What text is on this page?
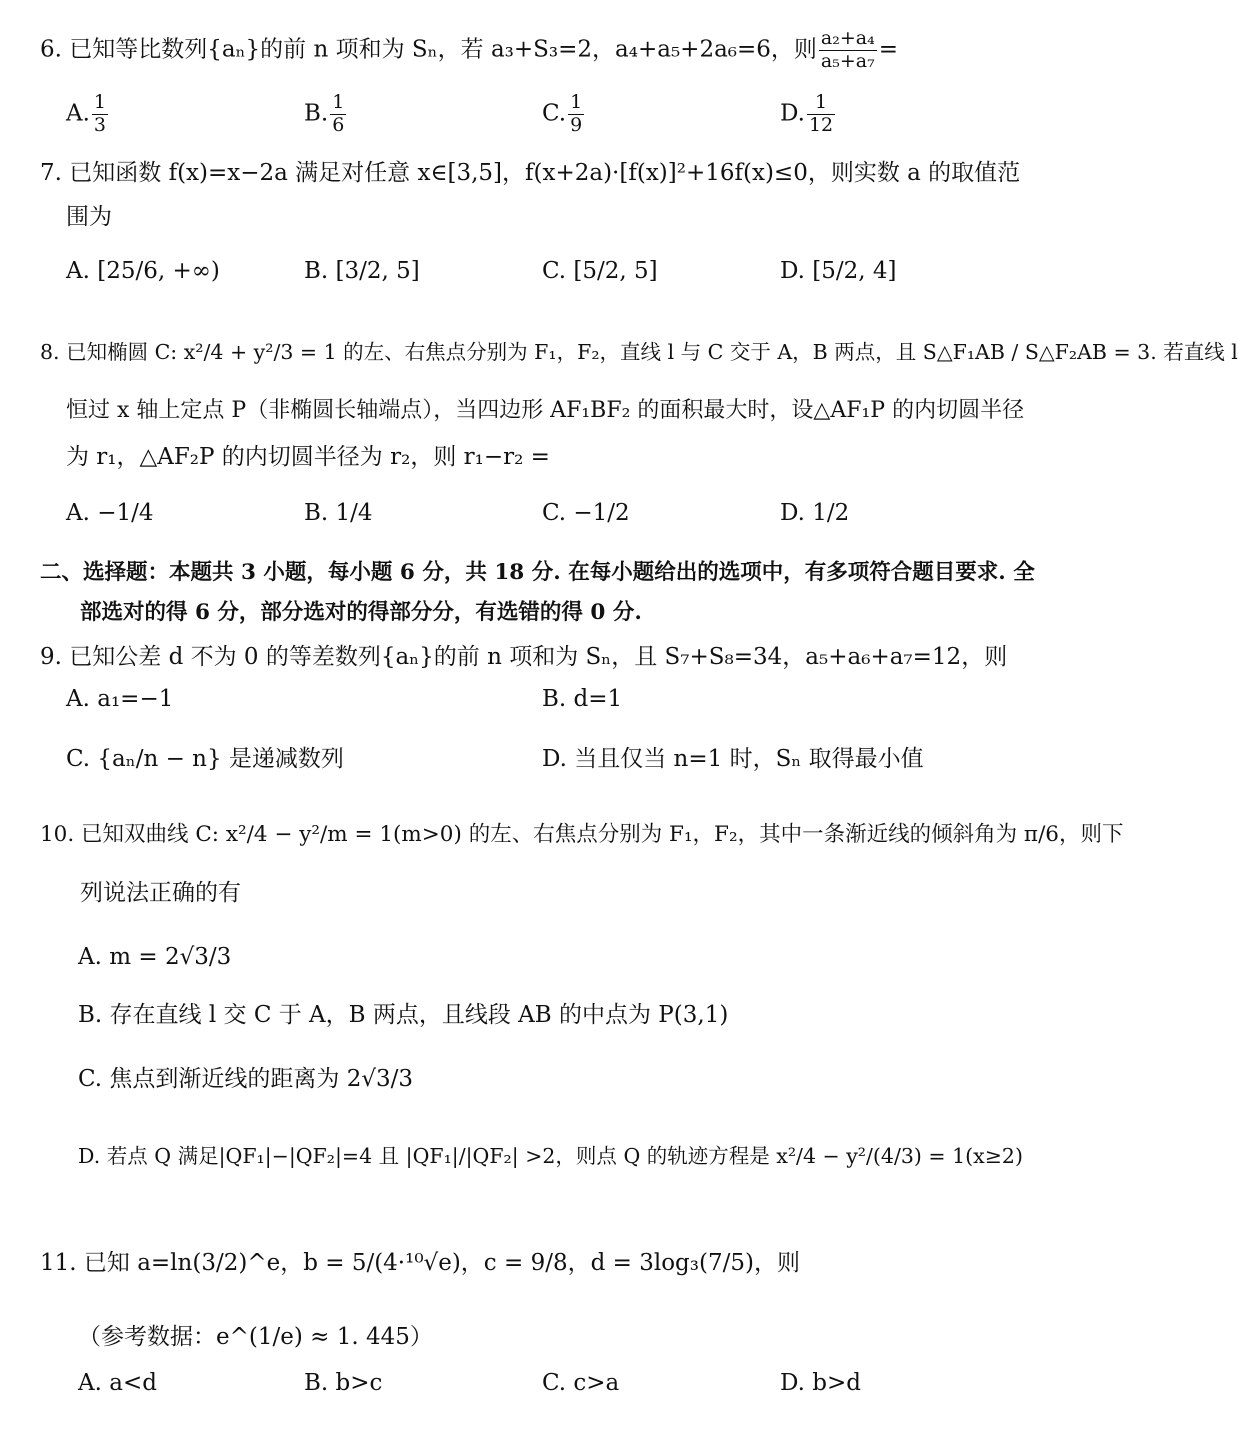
6. 已知等比数列{aₙ}的前 n 项和为 Sₙ，若 a₃+S₃=2，a₄+a₅+2a₆=6，则 $\frac{\text{a₂+a₄}}{\text{a₅+a₇}}$ =
A. $\frac{1}{3}$	B. $\frac{1}{6}$	C. $\frac{1}{9}$	D. $\frac{1}{12}$
7. 已知函数 f(x)=x−2a 满足对任意 x∈[3,5]，f(x+2a)·[f(x)]²+16f(x)≤0，则实数 a 的取值范
围为
A. [25/6, +∞)	B. [3/2, 5]	C. [5/2, 5]	D. [5/2, 4]
8. 已知椭圆 C: x²/4 + y²/3 = 1 的左、右焦点分别为 F₁，F₂，直线 l 与 C 交于 A，B 两点，且 S△F₁AB / S△F₂AB = 3. 若直线 l
恒过 x 轴上定点 P（非椭圆长轴端点），当四边形 AF₁BF₂ 的面积最大时，设△AF₁P 的内切圆半径
为 r₁，△AF₂P 的内切圆半径为 r₂，则 r₁−r₂ =
A. −1/4	B. 1/4	C. −1/2	D. 1/2
二、选择题：本题共 3 小题，每小题 6 分，共 18 分. 在每小题给出的选项中，有多项符合题目要求. 全
部选对的得 6 分，部分选对的得部分分，有选错的得 0 分.
9. 已知公差 d 不为 0 的等差数列{aₙ}的前 n 项和为 Sₙ，且 S₇+S₈=34，a₅+a₆+a₇=12，则
A. a₁=−1	B. d=1
C. {aₙ/n − n} 是递减数列	D. 当且仅当 n=1 时，Sₙ 取得最小值
10. 已知双曲线 C: x²/4 − y²/m = 1(m>0) 的左、右焦点分别为 F₁，F₂，其中一条渐近线的倾斜角为 π/6，则下
列说法正确的有
A. m = 2√3/3
B. 存在直线 l 交 C 于 A，B 两点，且线段 AB 的中点为 P(3,1)
C. 焦点到渐近线的距离为 2√3/3
D. 若点 Q 满足|QF₁|−|QF₂|=4 且 |QF₁|/|QF₂| >2，则点 Q 的轨迹方程是 x²/4 − y²/(4/3) = 1(x≥2)
11. 已知 a=ln(3/2)^e，b = 5/(4·¹⁰√e)，c = 9/8，d = 3log₃(7/5)，则
（参考数据：e^(1/e) ≈ 1. 445）
A. a<d	B. b>c	C. c>a	D. b>d
